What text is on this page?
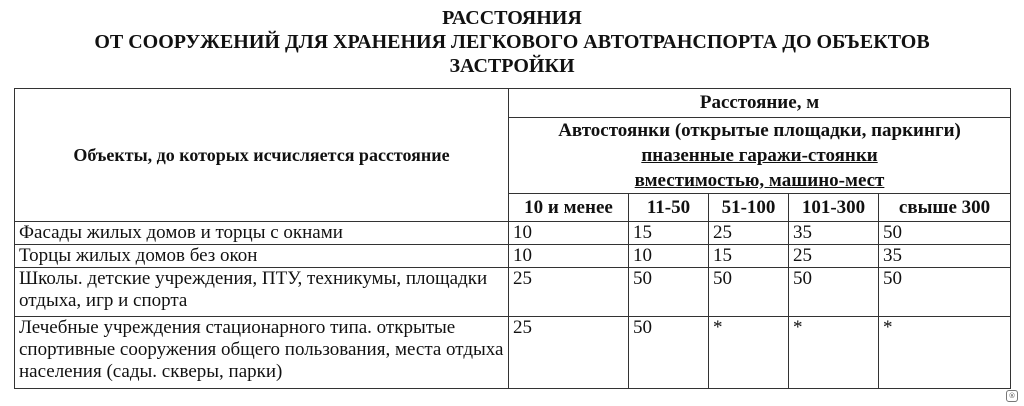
РАССТОЯНИЯ
ОТ СООРУЖЕНИЙ ДЛЯ ХРАНЕНИЯ ЛЕГКОВОГО АВТОТРАНСПОРТА ДО ОБЪЕКТОВ
ЗАСТРОЙКИ
Объекты, до которых исчисляется расстояние	Расстояние, м				

	Автостоянки (открытые площадки, паркинги)
пназенные гаражи-стоянки
вместимостью, машино-мест				

	10 и менее	11-50	51-100	101-300	свыше 300
Фасады жилых домов и торцы с окнами	10	15	25	35	50
Торцы жилых домов без окон	10	10	15	25	35
Школы. детские учреждения, ПТУ, техникумы, площадки отдыха, игр и спорта	25	50	50	50	50
Лечебные учреждения стационарного типа. открытые спортивные сооружения общего пользования, места отдыха населения (сады. скверы, парки)	25	50	*	*	*
®
